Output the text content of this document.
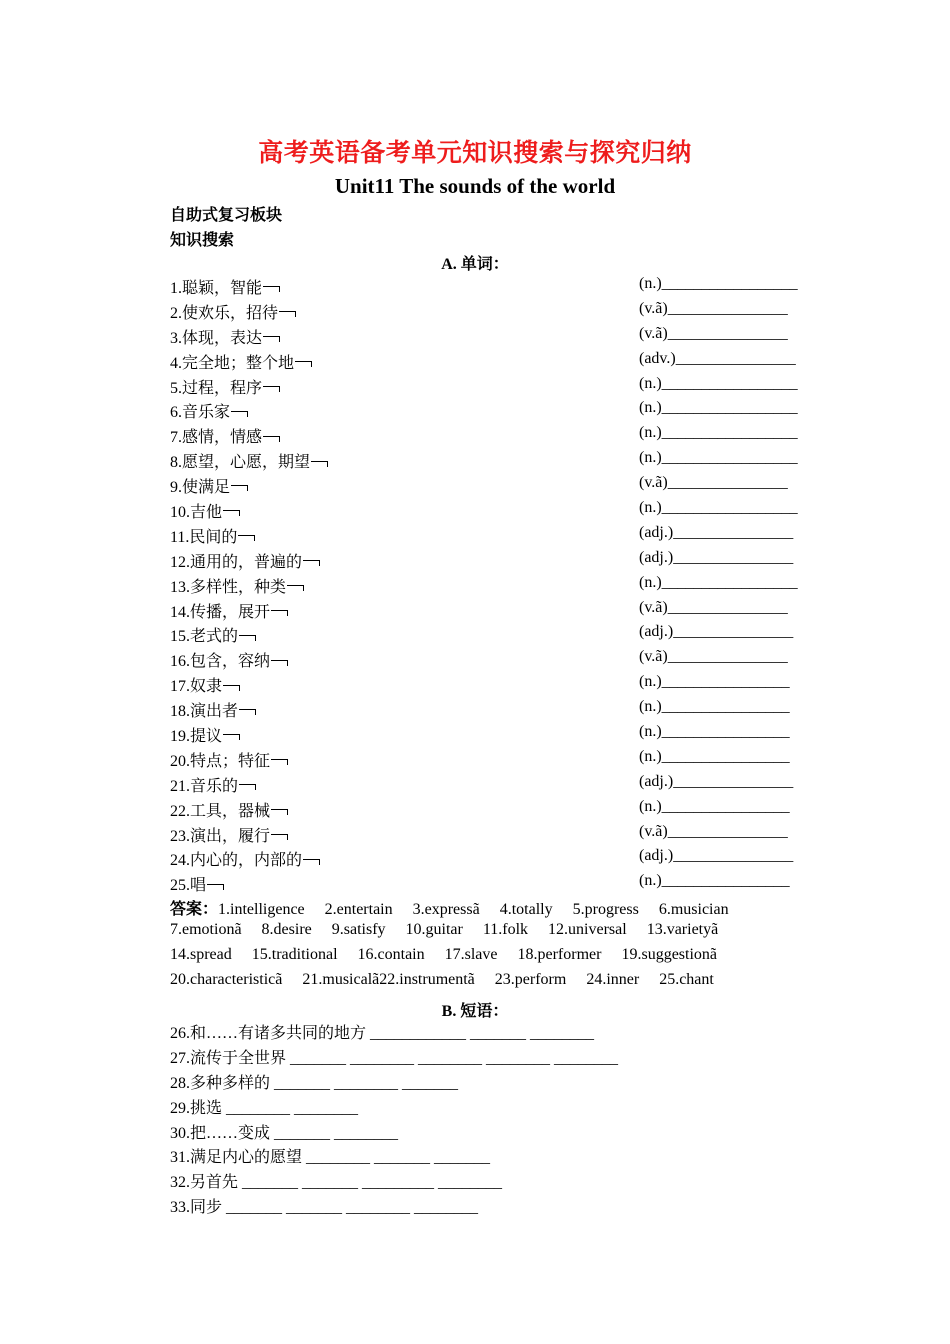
高考英语备考单元知识搜索与探究归纳
Unit11 The sounds of the world
自助式复习板块
知识搜索
A. 单词：
1.聪颖，智能	(n.)_________________
2.使欢乐，招待	(v.ã)_______________
3.体现，表达	(v.ã)_______________
4.完全地；整个地	(adv.)_______________
5.过程，程序	(n.)_________________
6.音乐家	(n.)_________________
7.感情，情感	(n.)_________________
8.愿望，心愿，期望	(n.)_________________
9.使满足	(v.ã)_______________
10.吉他	(n.)_________________
11.民间的	(adj.)_______________
12.通用的，普遍的	(adj.)_______________
13.多样性，种类	(n.)_________________
14.传播，展开	(v.ã)_______________
15.老式的	(adj.)_______________
16.包含，容纳	(v.ã)_______________
17.奴隶	(n.)________________
18.演出者	(n.)________________
19.提议	(n.)________________
20.特点；特征	(n.)________________
21.音乐的	(adj.)_______________
22.工具，器械	(n.)________________
23.演出，履行	(v.ã)_______________
24.内心的，内部的	(adj.)_______________
25.唱	(n.)________________
答案：1.intelligence 2.entertain 3.expressã 4.totally 5.progress 6.musician
7.emotionã 8.desire 9.satisfy 10.guitar 11.folk 12.universal 13.varietyã
14.spread 15.traditional 16.contain 17.slave 18.performer 19.suggestionã
20.characteristicã 21.musicalã22.instrumentã 23.perform 24.inner 25.chant
B. 短语：
26.和……有诸多共同的地方 ____________ _______ ________
27.流传于全世界 _______ ________ ________ ________ ________
28.多种多样的 _______ ________ _______
29.挑选 ________ ________
30.把……变成 _______ ________
31.满足内心的愿望 ________ _______ _______
32.另首先 _______ _______ _________ ________
33.同步 _______ _______ ________ ________
